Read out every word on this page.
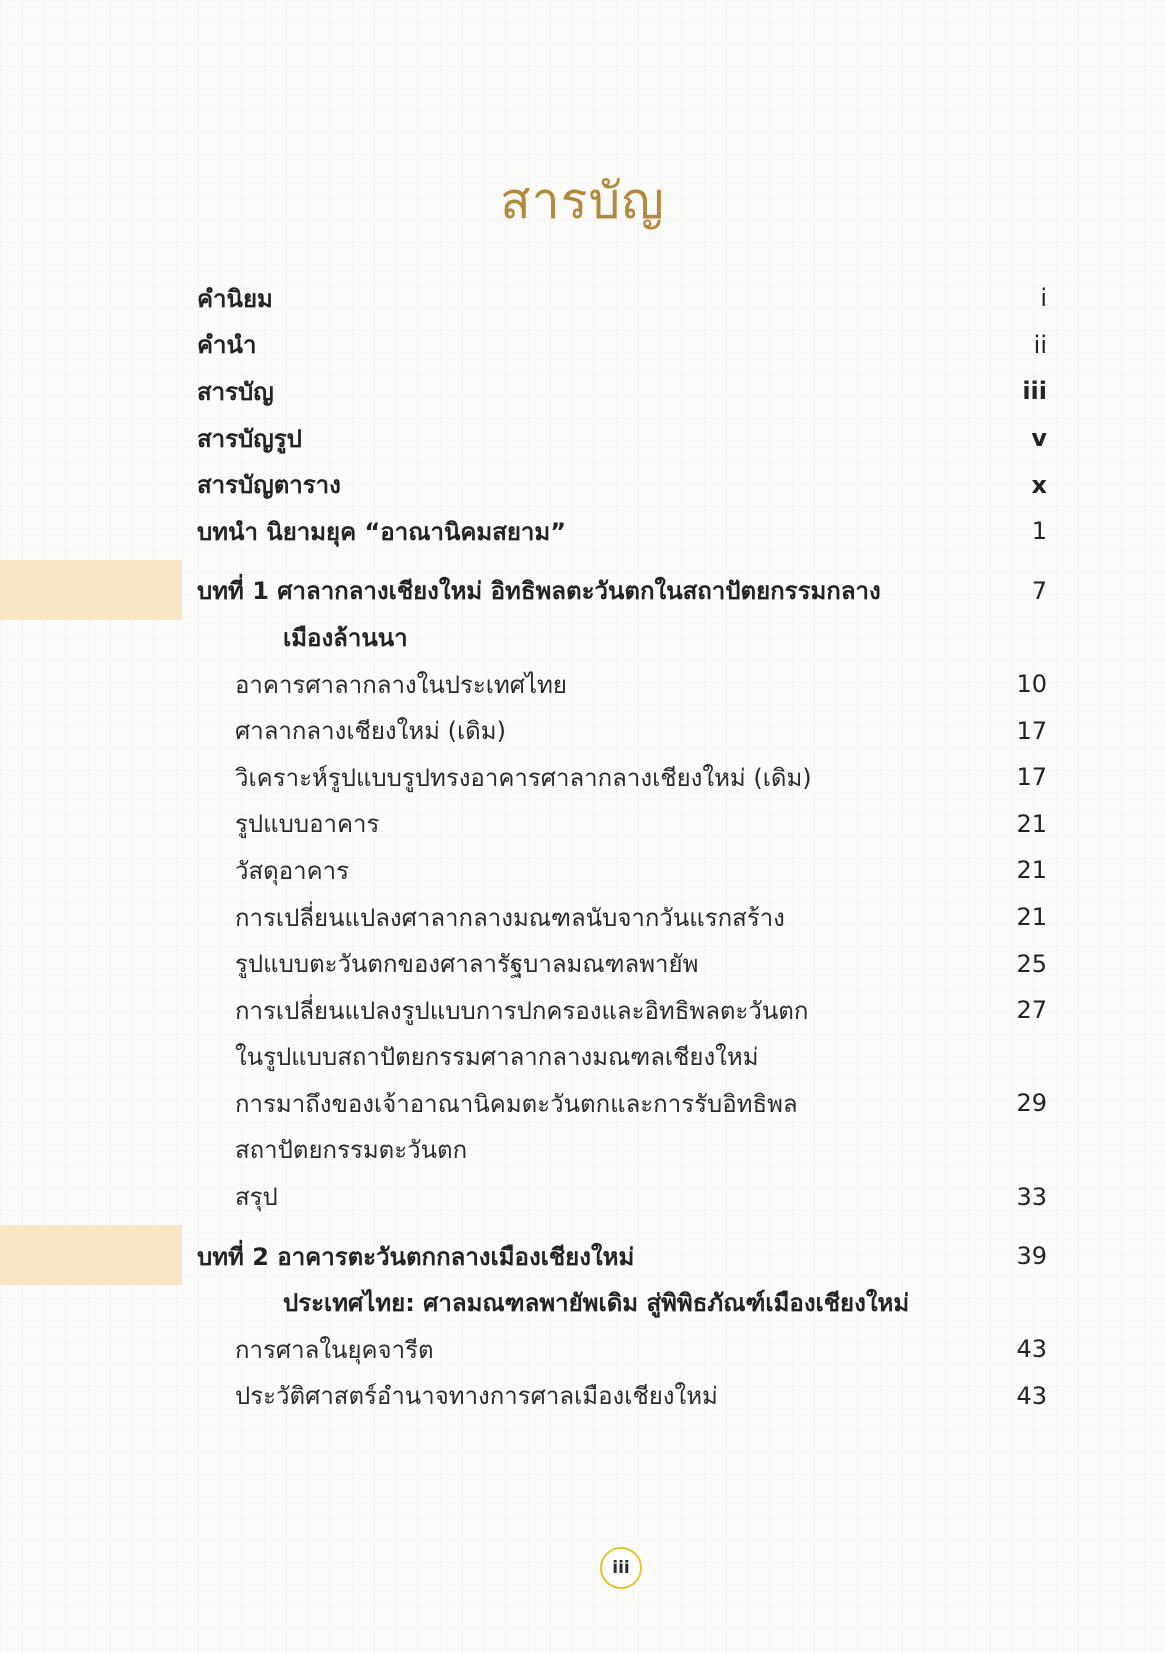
สารบัญ
คำนิยม	i
คำนำ	ii
สารบัญ	iii
สารบัญรูป	v
สารบัญตาราง	x
บทนำ นิยามยุค “อาณานิคมสยาม”	1
บทที่ 1 ศาลากลางเชียงใหม่ อิทธิพลตะวันตกในสถาปัตยกรรมกลาง	7
เมืองล้านนา
อาคารศาลากลางในประเทศไทย	10
ศาลากลางเชียงใหม่ (เดิม)	17
วิเคราะห์รูปแบบรูปทรงอาคารศาลากลางเชียงใหม่ (เดิม)	17
รูปแบบอาคาร	21
วัสดุอาคาร	21
การเปลี่ยนแปลงศาลากลางมณฑลนับจากวันแรกสร้าง	21
รูปแบบตะวันตกของศาลารัฐบาลมณฑลพายัพ	25
การเปลี่ยนแปลงรูปแบบการปกครองและอิทธิพลตะวันตก	27
ในรูปแบบสถาปัตยกรรมศาลากลางมณฑลเชียงใหม่
การมาถึงของเจ้าอาณานิคมตะวันตกและการรับอิทธิพล	29
สถาปัตยกรรมตะวันตก
สรุป	33
บทที่ 2 อาคารตะวันตกกลางเมืองเชียงใหม่	39
ประเทศไทย: ศาลมณฑลพายัพเดิม สู่พิพิธภัณฑ์เมืองเชียงใหม่
การศาลในยุคจารีต	43
ประวัติศาสตร์อำนาจทางการศาลเมืองเชียงใหม่	43
iii
